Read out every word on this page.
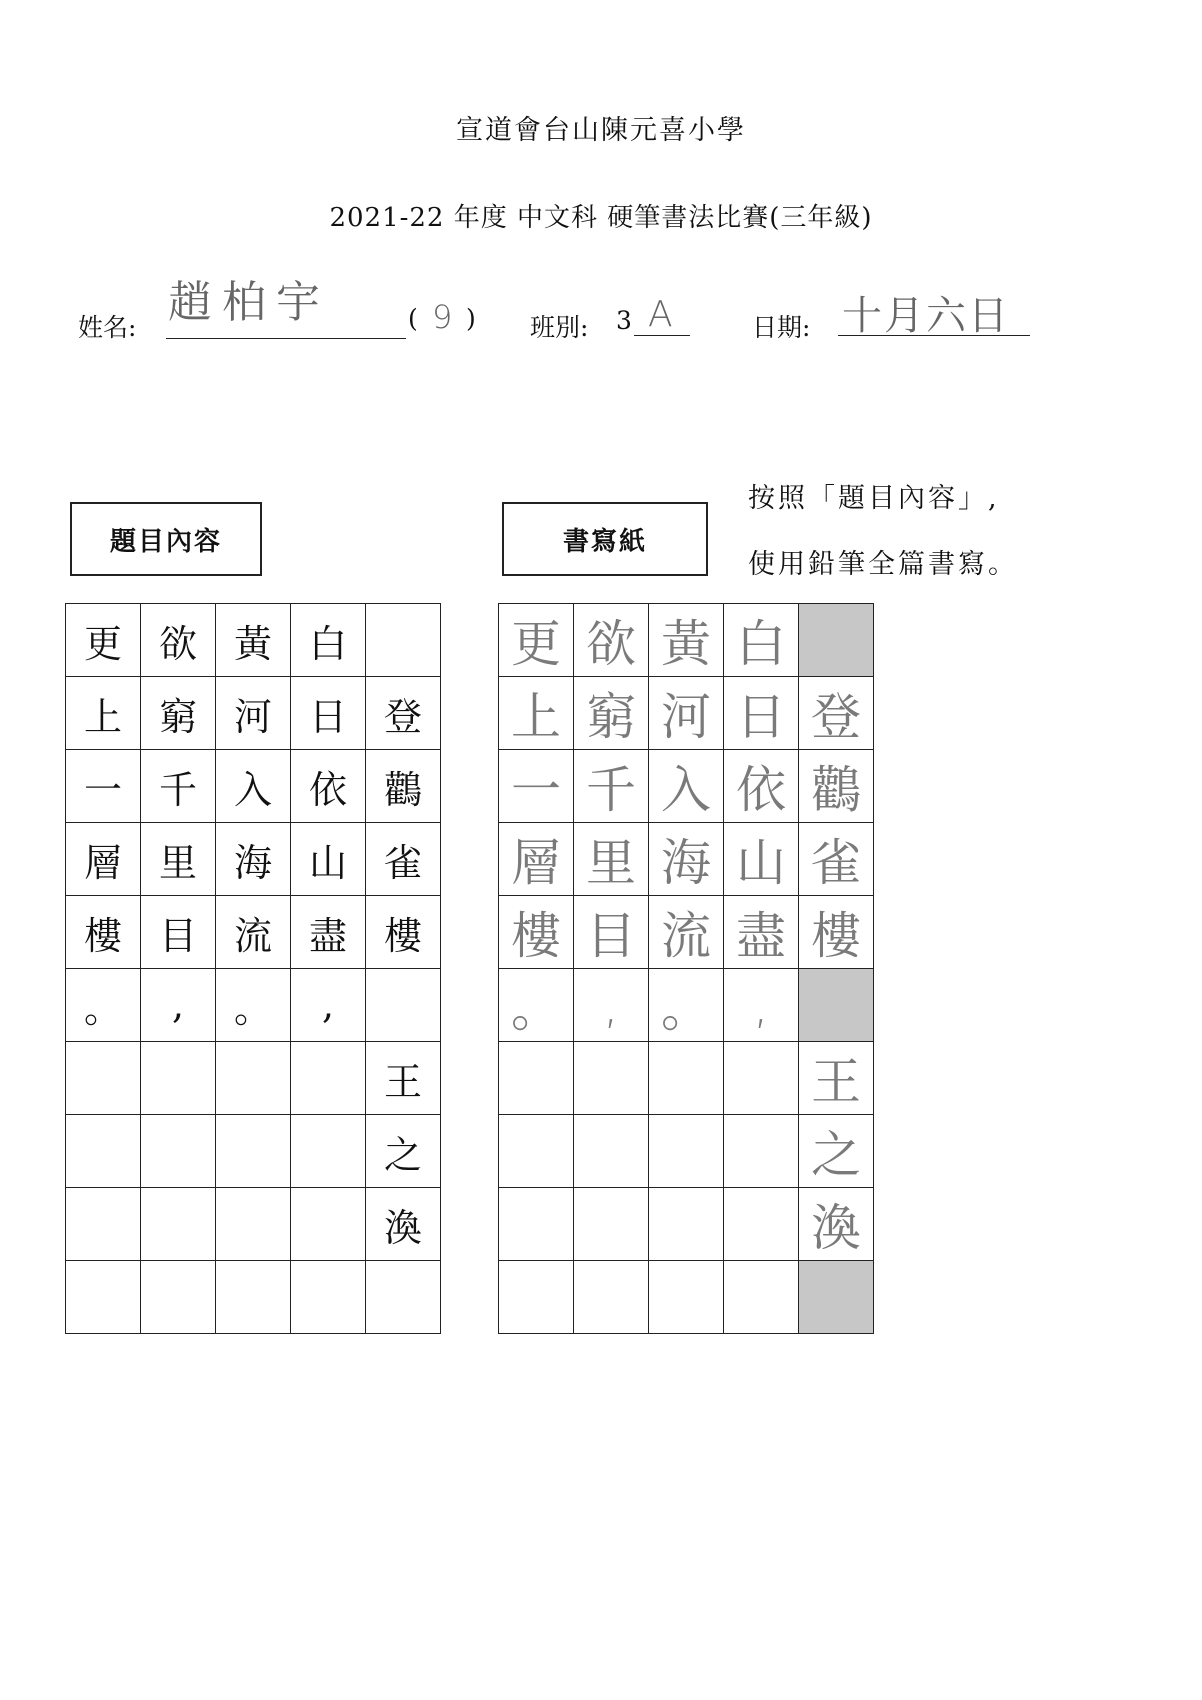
宣道會台山陳元喜小學
2021-22 年度 中文科 硬筆書法比賽(三年級)
姓名: 趙柏宇	( 9 ) 班別: 3 A	日期: 十月六日
按照「題目內容」,
使用鉛筆全篇書寫。
題目內容	書寫紙
更	欲	黃	白	
上	窮	河	日	登
一	千	入	依	鸛
層	里	海	山	雀
樓	目	流	盡	樓
。	,	。	,	
				王
				之
				渙

更	欲	黃	白	
上	窮	河	日	登
一	千	入	依	鸛
層	里	海	山	雀
樓	目	流	盡	樓
。	,	。	,	
				王
				之
				渙
